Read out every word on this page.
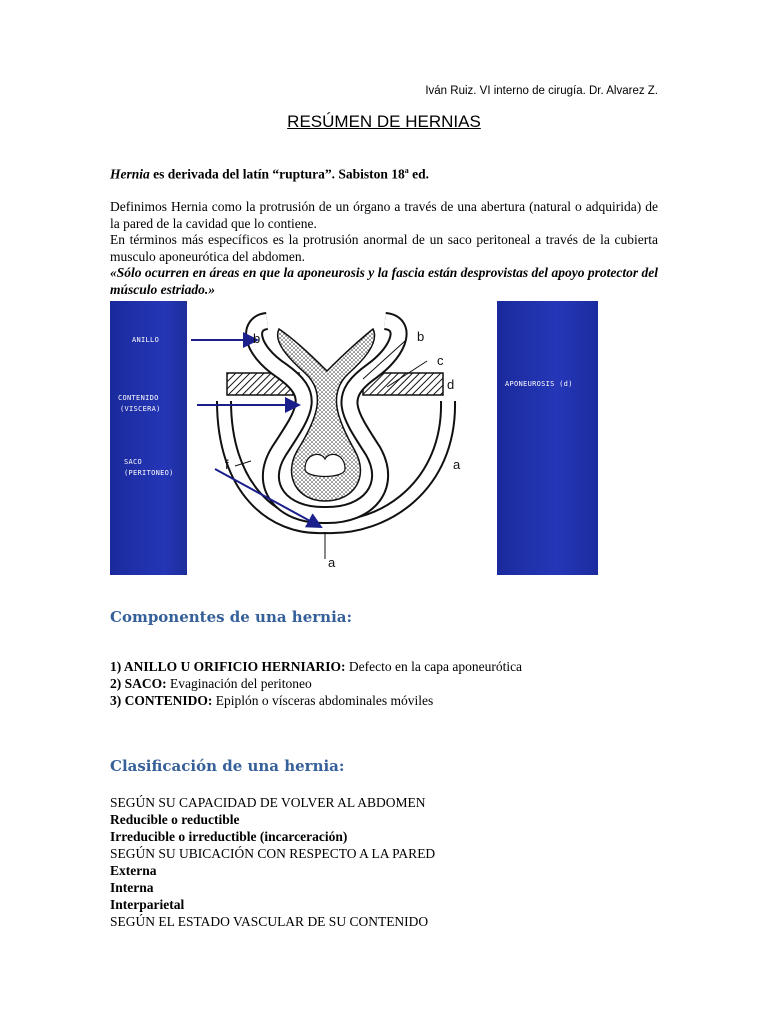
Iván Ruiz. VI interno de cirugía. Dr. Alvarez Z.
RESÚMEN DE HERNIAS
Hernia es derivada del latín “ruptura”. Sabiston 18$^a$ ed.

Definimos Hernia como la protrusión de un órgano a través de una abertura (natural o adquirida) de la pared de la cavidad que lo contiene.

En términos más específicos es la protrusión anormal de un saco peritoneal a través de la cubierta musculo aponeurótica del abdomen.

«Sólo ocurren en áreas en que la aponeurosis y la fascia están desprovistas del apoyo protector del músculo estriado.»

ANILLO
CONTENIDO
(VISCERA)
SACO
(PERITONEO)
APONEUROSIS (d)
b	b
c
d
f	a
a
Componentes de una hernia:
1) ANILLO U ORIFICIO HERNIARIO: Defecto en la capa aponeurótica
2) SACO: Evaginación del peritoneo
3) CONTENIDO: Epiplón o vísceras abdominales móviles
Clasificación de una hernia:
SEGÚN SU CAPACIDAD DE VOLVER AL ABDOMEN
Reducible o reductible
Irreducible o irreductible (incarceración)
SEGÚN SU UBICACIÓN CON RESPECTO A LA PARED
Externa
Interna
Interparietal
SEGÚN EL ESTADO VASCULAR DE SU CONTENIDO
